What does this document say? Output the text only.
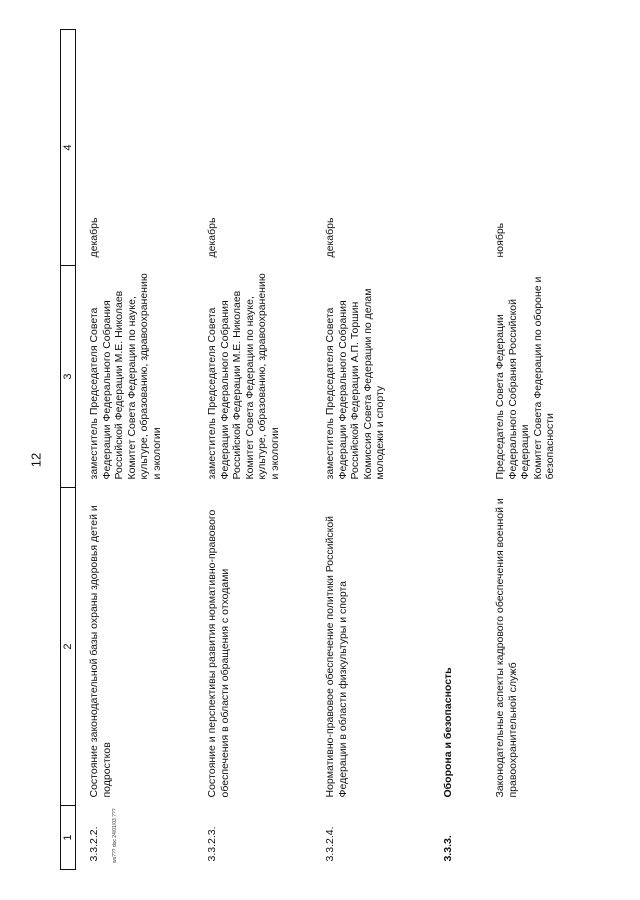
12
1	2	3	4
3.3.2.2.	Состояние законодательной базы охраны здоровья детей и подростков	заместитель Председателя Совета Федерации Федерального Собрания Российской Федерации М.Е. Николаев Комитет Совета Федерации по науке, культуре, образованию, здравоохранению и экологии	декабрь
3.3.2.3.	Состояние и перспективы развития нормативно-правового обеспечения в области обращения с отходами	заместитель Председателя Совета Федерации Федерального Собрания Российской Федерации М.Е. Николаев Комитет Совета Федерации по науке, культуре, образованию, здравоохранению и экологии	декабрь
3.3.2.4.	Нормативно-правовое обеспечение политики Российской Федерации в области физкультуры и спорта	заместитель Председателя Совета Федерации Федерального Собрания Российской Федерации А.П. Торшин Комиссия Совета Федерации по делам молодежи и спорту	декабрь
3.3.3.	Оборона и безопасность		
	Законодательные аспекты кадрового обеспечения военной и правоохранительной служб	Председатель Совета Федерации Федерального Собрания Российской Федерации Комитет Совета Федерации по обороне и безопасности	ноябрь
ws??? doc 24/01/03 ???
